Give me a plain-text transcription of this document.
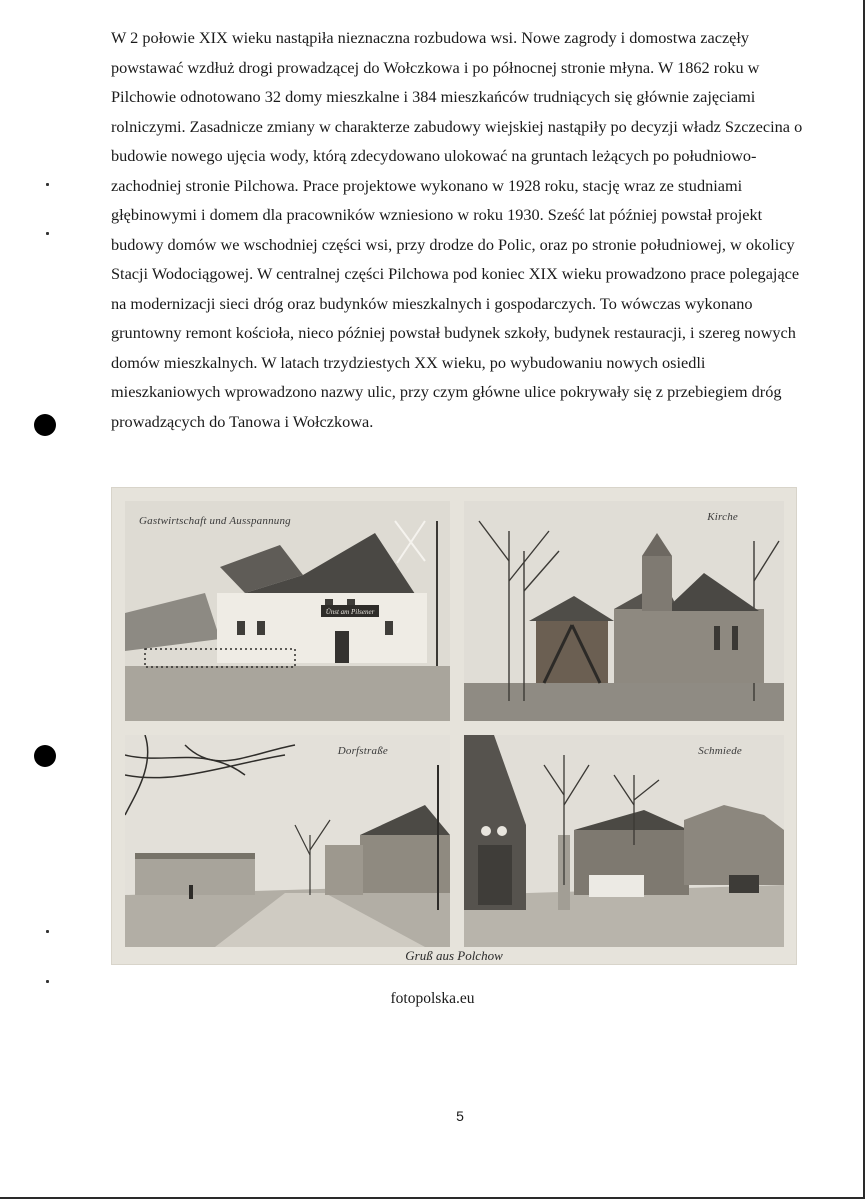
W 2 połowie XIX wieku nastąpiła nieznaczna rozbudowa wsi. Nowe zagrody i domostwa zaczęły powstawać wzdłuż drogi prowadzącej do Wołczkowa i po północnej stronie młyna. W 1862 roku w Pilchowie odnotowano 32 domy mieszkalne i 384 mieszkańców trudniących się głównie zajęciami rolniczymi. Zasadnicze zmiany w charakterze zabudowy wiejskiej nastąpiły po decyzji władz Szczecina o budowie nowego ujęcia wody, którą zdecydowano ulokować na gruntach leżących po południowo-zachodniej stronie Pilchowa. Prace projektowe wykonano w 1928 roku, stację wraz ze studniami głębinowymi i domem dla pracowników wzniesiono w roku 1930. Sześć lat później powstał projekt budowy domów we wschodniej części wsi, przy drodze do Polic, oraz po stronie południowej, w okolicy Stacji Wodociągowej. W centralnej części Pilchowa pod koniec XIX wieku prowadzono prace polegające na modernizacji sieci dróg oraz budynków mieszkalnych i gospodarczych. To wówczas wykonano gruntowny remont kościoła, nieco później powstał budynek szkoły, budynek restauracji, i szereg nowych domów mieszkalnych. W latach trzydziestych XX wieku, po wybudowaniu nowych osiedli mieszkaniowych wprowadzono nazwy ulic, przy czym główne ulice pokrywały się z przebiegiem dróg prowadzących do Tanowa i Wołczkowa.

Ünst am Pilsener
Gastwirtschaft und Ausspannung	Kirche
Dorfstraße	Schmiede
Gruß aus Polchow
fotopolska.eu
5
